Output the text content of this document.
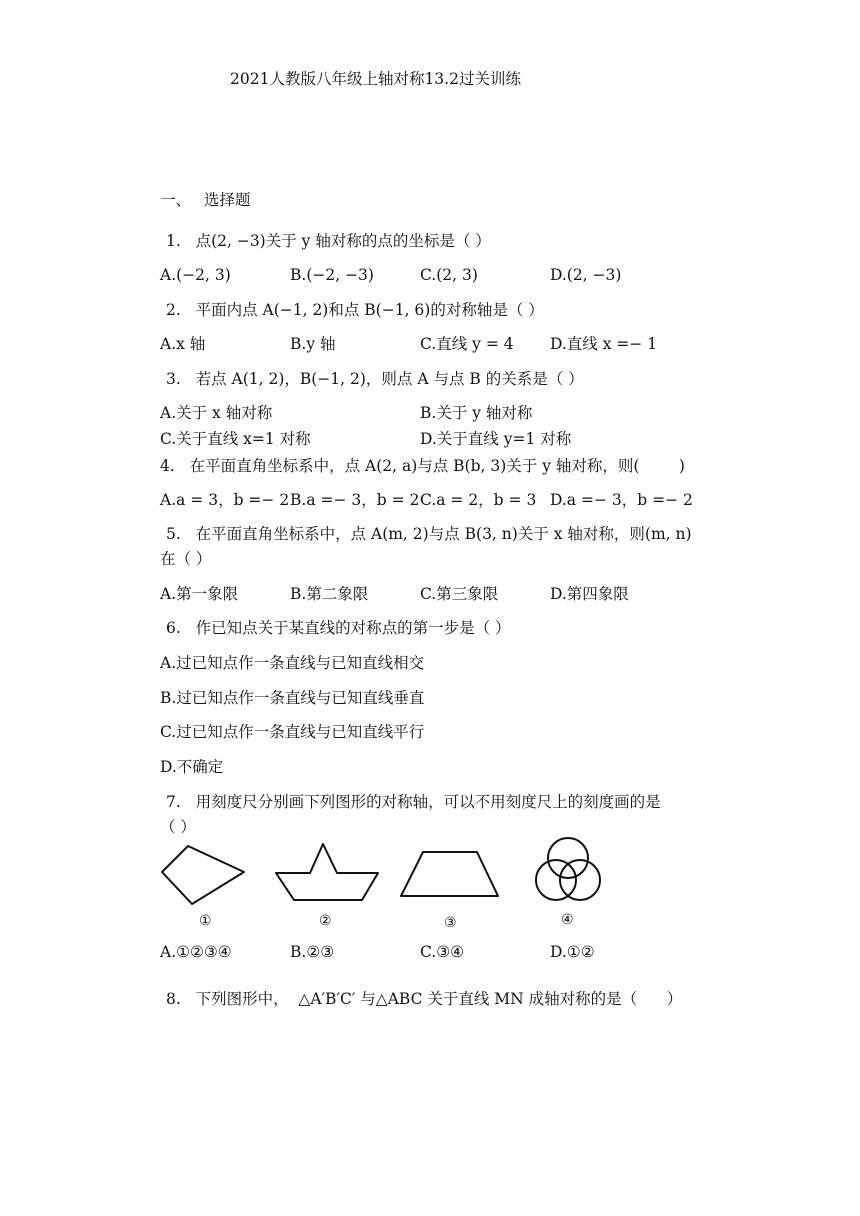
2021人教版八年级上轴对称13.2过关训练
一、 选择题
1.   点(2, −3)关于 y 轴对称的点的坐标是（ ）
A.(−2, 3)	B.(−2, −3)	C.(2, 3)	D.(2, −3)
2.   平面内点 A(−1, 2)和点 B(−1, 6)的对称轴是（ ）
A.x 轴	B.y 轴	C.直线 y = 4 D.直线 x =− 1
3.   若点 A(1, 2)，B(−1, 2)，则点 A 与点 B 的关系是（ ）
A.关于 x 轴对称	B.关于 y 轴对称
C.关于直线 x=1 对称	D.关于直线 y=1 对称
4.   在平面直角坐标系中，点 A(2, a)与点 B(b, 3)关于 y 轴对称，则(        )
A.a = 3，b =− 2 B.a =− 3，b = 2 C.a = 2，b = 3 D.a =− 3，b =− 2
5.   在平面直角坐标系中，点 A(m, 2)与点 B(3, n)关于 x 轴对称，则(m, n)
在（ ）
A.第一象限	B.第二象限	C.第三象限	D.第四象限
6.   作已知点关于某直线的对称点的第一步是（ ）
A.过已知点作一条直线与已知直线相交
B.过已知点作一条直线与已知直线垂直
C.过已知点作一条直线与已知直线平行
D.不确定
7.   用刻度尺分别画下列图形的对称轴，可以不用刻度尺上的刻度画的是
（ ）
①	②	③	④
A.①②③④	B.②③	C.③④	D.①②
8.   下列图形中，  △A′B′C′ 与△ABC 关于直线 MN 成轴对称的是（      ）
